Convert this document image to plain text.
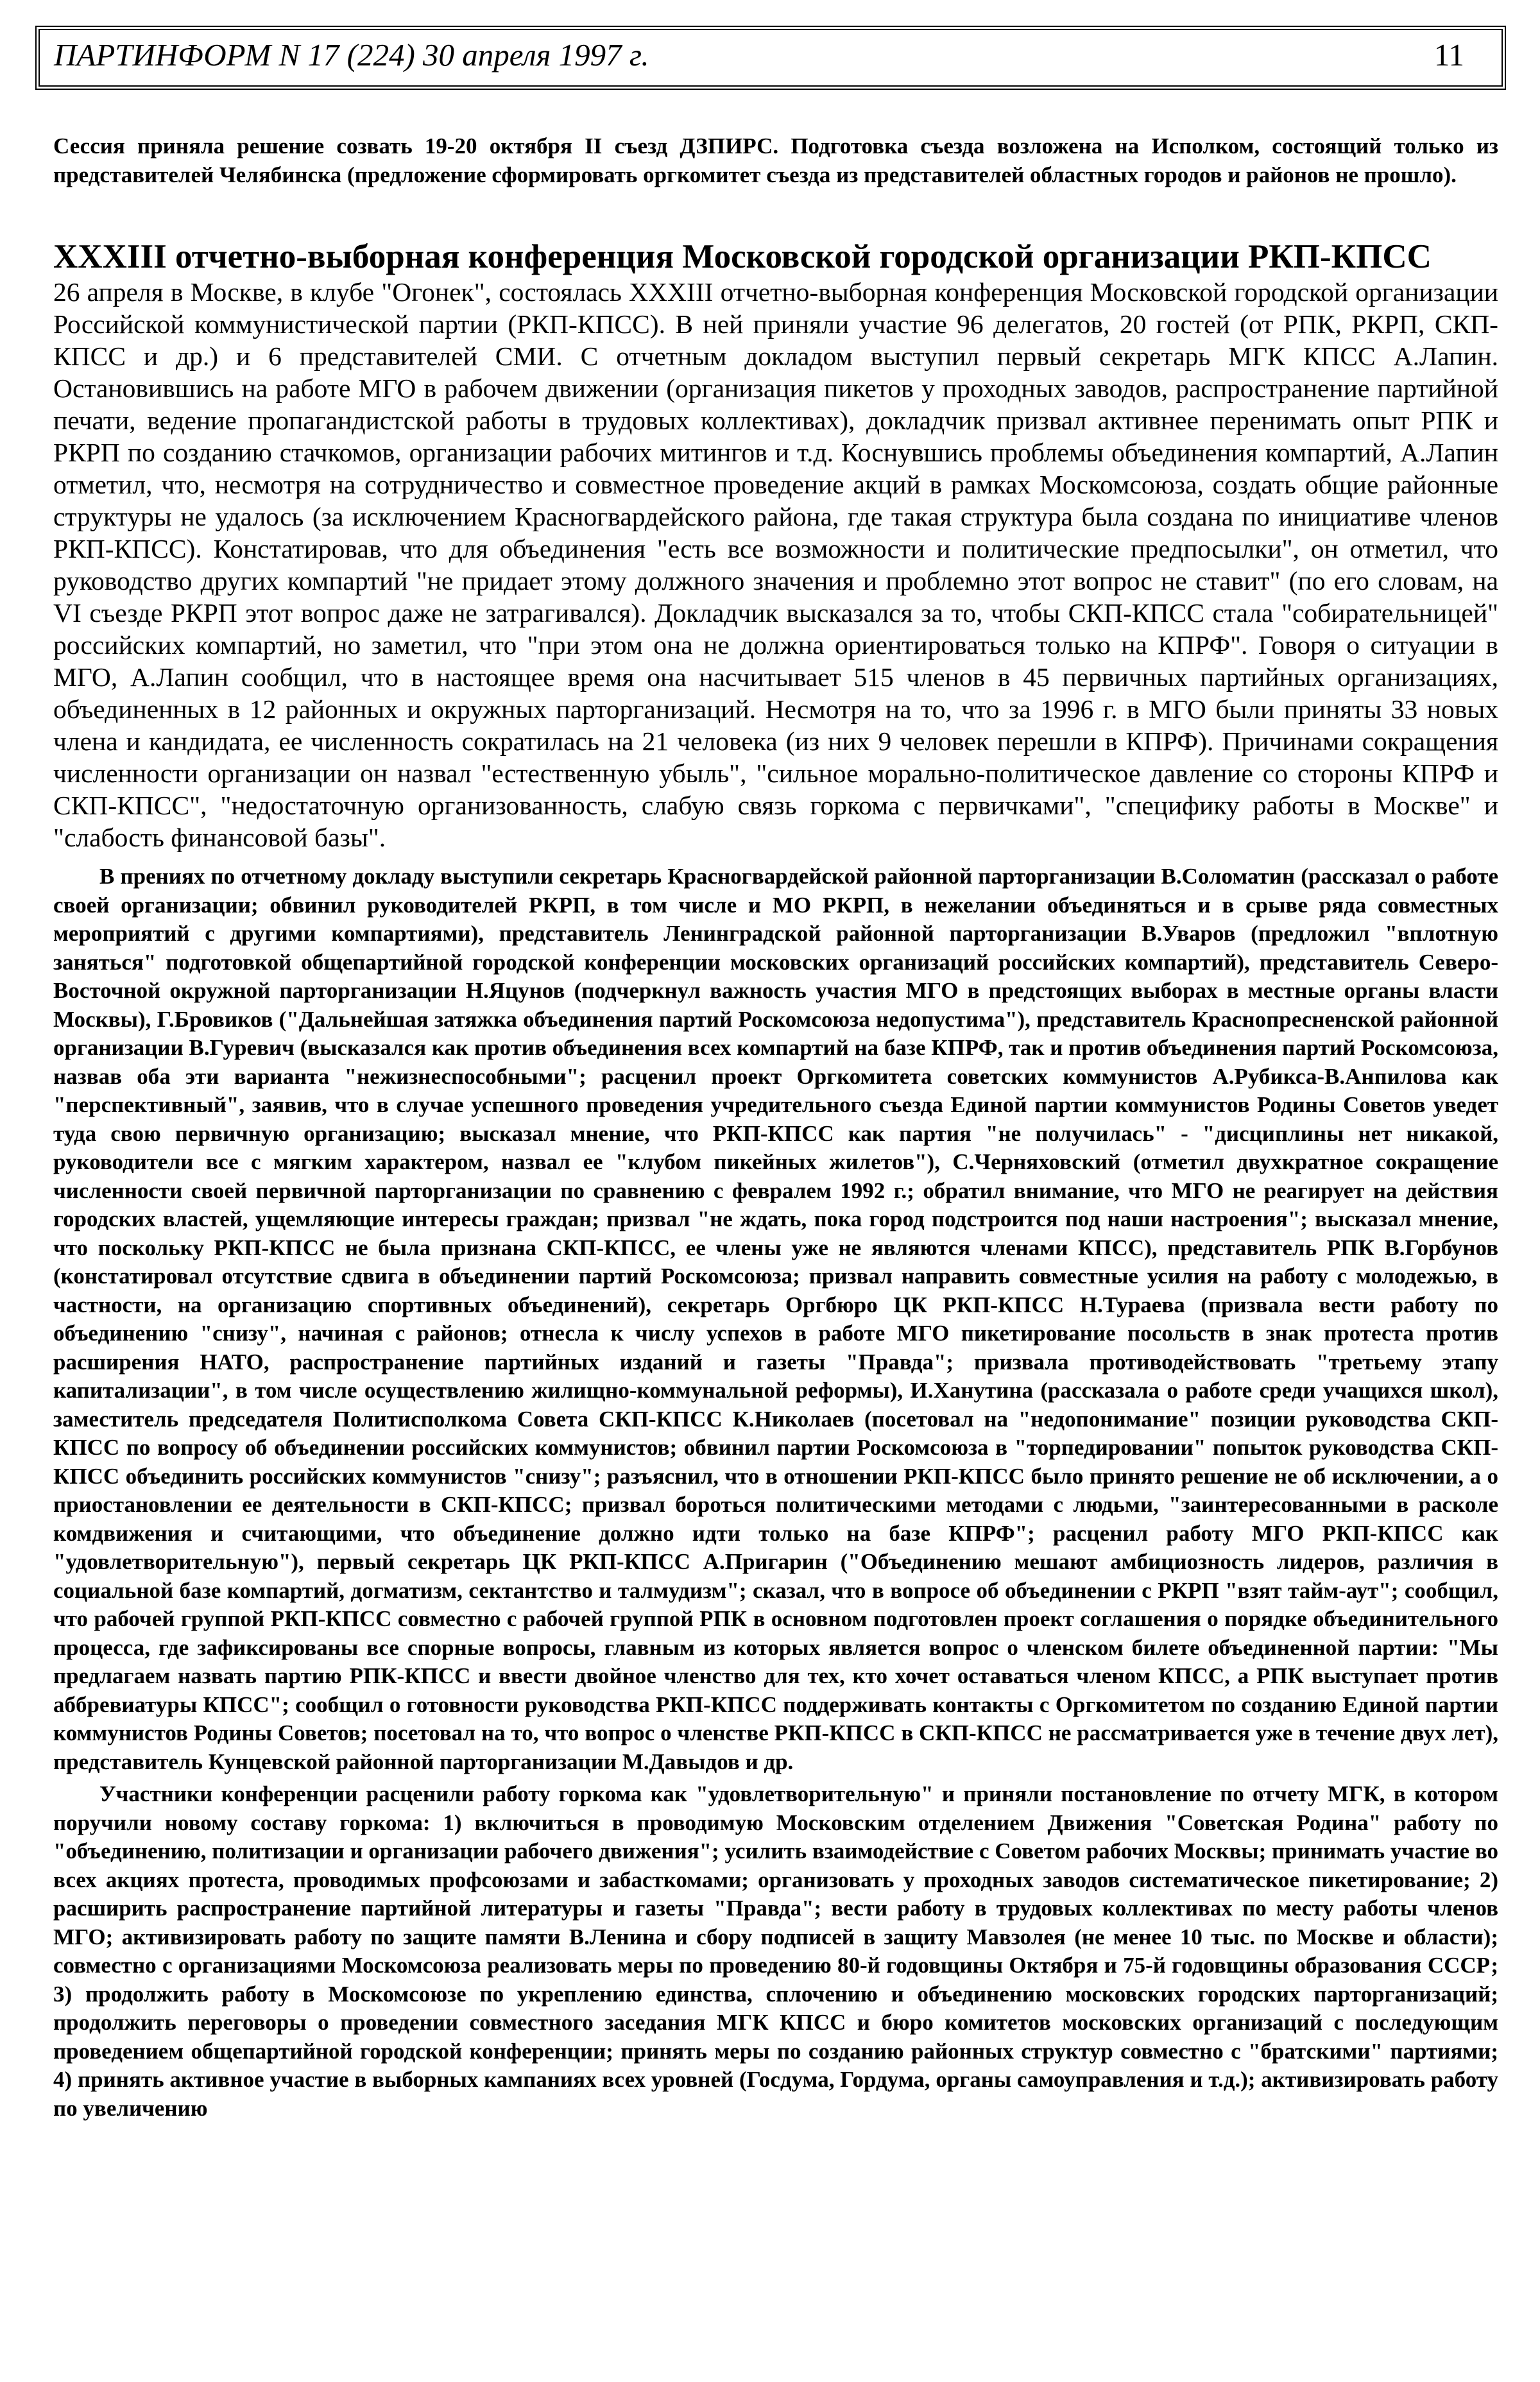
ПАРТИНФОРМ N 17 (224) 30 апреля 1997 г.	11

Сессия приняла решение созвать 19-20 октября II съезд ДЗПИРС. Подготовка съезда возложена на Исполком, состоящий только из представителей Челябинска (предложение сформировать оргкомитет съезда из представителей областных городов и районов не прошло).

XXXIII отчетно-выборная конференция Московской городской организации РКП-КПСС

26 апреля в Москве, в клубе "Огонек", состоялась XXXIII отчетно-выборная конференция Московской городской организации Российской коммунистической партии (РКП-КПСС). В ней приняли участие 96 делегатов, 20 гостей (от РПК, РКРП, СКП-КПСС и др.) и 6 представителей СМИ. С отчетным докладом выступил первый секретарь МГК КПСС А.Лапин. Остановившись на работе МГО в рабочем движении (организация пикетов у проходных заводов, распространение партийной печати, ведение пропагандистской работы в трудовых коллективах), докладчик призвал активнее перенимать опыт РПК и РКРП по созданию стачкомов, организации рабочих митингов и т.д. Коснувшись проблемы объединения компартий, А.Лапин отметил, что, несмотря на сотрудничество и совместное проведение акций в рамках Москомсоюза, создать общие районные структуры не удалось (за исключением Красногвардейского района, где такая структура была создана по инициативе членов РКП-КПСС). Констатировав, что для объединения "есть все возможности и политические предпосылки", он отметил, что руководство других компартий "не придает этому должного значения и проблемно этот вопрос не ставит" (по его словам, на VI съезде РКРП этот вопрос даже не затрагивался). Докладчик высказался за то, чтобы СКП-КПСС стала "собирательницей" российских компартий, но заметил, что "при этом она не должна ориентироваться только на КПРФ". Говоря о ситуации в МГО, А.Лапин сообщил, что в настоящее время она насчитывает 515 членов в 45 первичных партийных организациях, объединенных в 12 районных и окружных парторганизаций. Несмотря на то, что за 1996 г. в МГО были приняты 33 новых члена и кандидата, ее численность сократилась на 21 человека (из них 9 человек перешли в КПРФ). Причинами сокращения численности организации он назвал "естественную убыль", "сильное морально-политическое давление со стороны КПРФ и СКП-КПСС", "недостаточную организованность, слабую связь горкома с первичками", "специфику работы в Москве" и "слабость финансовой базы".

В прениях по отчетному докладу выступили секретарь Красногвардейской районной парторганизации В.Соломатин (рассказал о работе своей организации; обвинил руководителей РКРП, в том числе и МО РКРП, в нежелании объединяться и в срыве ряда совместных мероприятий с другими компартиями), представитель Ленинградской районной парторганизации В.Уваров (предложил "вплотную заняться" подготовкой общепартийной городской конференции московских организаций российских компартий), представитель Северо-Восточной окружной парторганизации Н.Яцунов (подчеркнул важность участия МГО в предстоящих выборах в местные органы власти Москвы), Г.Бровиков ("Дальнейшая затяжка объединения партий Роскомсоюза недопустима"), представитель Краснопресненской районной организации В.Гуревич (высказался как против объединения всех компартий на базе КПРФ, так и против объединения партий Роскомсоюза, назвав оба эти варианта "нежизнеспособными"; расценил проект Оргкомитета советских коммунистов А.Рубикса-В.Анпилова как "перспективный", заявив, что в случае успешного проведения учредительного съезда Единой партии коммунистов Родины Советов уведет туда свою первичную организацию; высказал мнение, что РКП-КПСС как партия "не получилась" - "дисциплины нет никакой, руководители все с мягким характером, назвал ее "клубом пикейных жилетов"), С.Черняховский (отметил двухкратное сокращение численности своей первичной парторганизации по сравнению с февралем 1992 г.; обратил внимание, что МГО не реагирует на действия городских властей, ущемляющие интересы граждан; призвал "не ждать, пока город подстроится под наши настроения"; высказал мнение, что поскольку РКП-КПСС не была признана СКП-КПСС, ее члены уже не являются членами КПСС), представитель РПК В.Горбунов (констатировал отсутствие сдвига в объединении партий Роскомсоюза; призвал направить совместные усилия на работу с молодежью, в частности, на организацию спортивных объединений), секретарь Оргбюро ЦК РКП-КПСС Н.Тураева (призвала вести работу по объединению "снизу", начиная с районов; отнесла к числу успехов в работе МГО пикетирование посольств в знак протеста против расширения НАТО, распространение партийных изданий и газеты "Правда"; призвала противодействовать "третьему этапу капитализации", в том числе осуществлению жилищно-коммунальной реформы), И.Ханутина (рассказала о работе среди учащихся школ), заместитель председателя Политисполкома Совета СКП-КПСС К.Николаев (посетовал на "недопонимание" позиции руководства СКП-КПСС по вопросу об объединении российских коммунистов; обвинил партии Роскомсоюза в "торпедировании" попыток руководства СКП-КПСС объединить российских коммунистов "снизу"; разъяснил, что в отношении РКП-КПСС было принято решение не об исключении, а о приостановлении ее деятельности в СКП-КПСС; призвал бороться политическими методами с людьми, "заинтересованными в расколе комдвижения и считающими, что объединение должно идти только на базе КПРФ"; расценил работу МГО РКП-КПСС как "удовлетворительную"), первый секретарь ЦК РКП-КПСС А.Пригарин ("Объединению мешают амбициозность лидеров, различия в социальной базе компартий, догматизм, сектантство и талмудизм"; сказал, что в вопросе об объединении с РКРП "взят тайм-аут"; сообщил, что рабочей группой РКП-КПСС совместно с рабочей группой РПК в основном подготовлен проект соглашения о порядке объединительного процесса, где зафиксированы все спорные вопросы, главным из которых является вопрос о членском билете объединенной партии: "Мы предлагаем назвать партию РПК-КПСС и ввести двойное членство для тех, кто хочет оставаться членом КПСС, а РПК выступает против аббревиатуры КПСС"; сообщил о готовности руководства РКП-КПСС поддерживать контакты с Оргкомитетом по созданию Единой партии коммунистов Родины Советов; посетовал на то, что вопрос о членстве РКП-КПСС в СКП-КПСС не рассматривается уже в течение двух лет), представитель Кунцевской районной парторганизации М.Давыдов и др.

Участники конференции расценили работу горкома как "удовлетворительную" и приняли постановление по отчету МГК, в котором поручили новому составу горкома: 1) включиться в проводимую Московским отделением Движения "Советская Родина" работу по "объединению, политизации и организации рабочего движения"; усилить взаимодействие с Советом рабочих Москвы; принимать участие во всех акциях протеста, проводимых профсоюзами и забасткомами; организовать у проходных заводов систематическое пикетирование; 2) расширить распространение партийной литературы и газеты "Правда"; вести работу в трудовых коллективах по месту работы членов МГО; активизировать работу по защите памяти В.Ленина и сбору подписей в защиту Мавзолея (не менее 10 тыс. по Москве и области); совместно с организациями Москомсоюза реализовать меры по проведению 80-й годовщины Октября и 75-й годовщины образования СССР; 3) продолжить работу в Москомсоюзе по укреплению единства, сплочению и объединению московских городских парторганизаций; продолжить переговоры о проведении совместного заседания МГК КПСС и бюро комитетов московских организаций с последующим проведением общепартийной городской конференции; принять меры по созданию районных структур совместно с "братскими" партиями; 4) принять активное участие в выборных кампаниях всех уровней (Госдума, Гордума, органы самоуправления и т.д.); активизировать работу по увеличению
